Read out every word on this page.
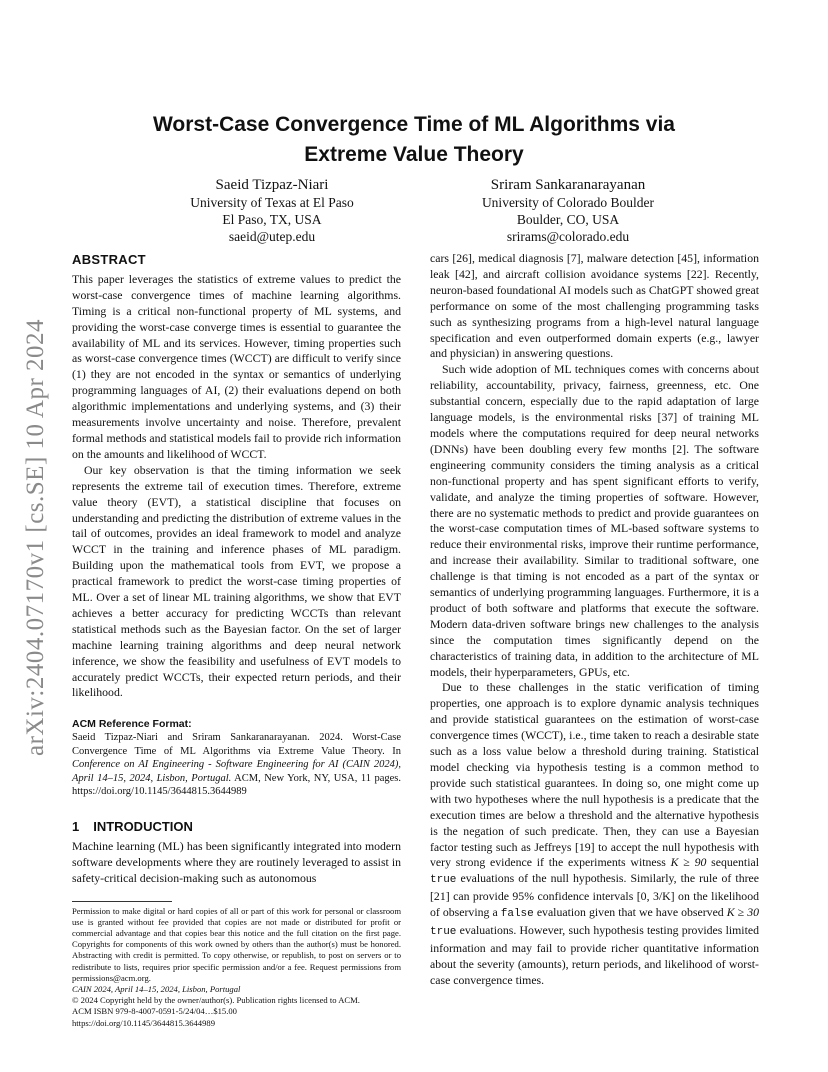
arXiv:2404.07170v1 [cs.SE] 10 Apr 2024
Worst-Case Convergence Time of ML Algorithms via
Extreme Value Theory
Saeid Tizpaz-Niari
University of Texas at El Paso
El Paso, TX, USA
saeid@utep.edu
Sriram Sankaranarayanan
University of Colorado Boulder
Boulder, CO, USA
srirams@colorado.edu
ABSTRACT

This paper leverages the statistics of extreme values to predict the worst-case convergence times of machine learning algorithms. Timing is a critical non-functional property of ML systems, and providing the worst-case converge times is essential to guarantee the availability of ML and its services. However, timing properties such as worst-case convergence times (WCCT) are difficult to verify since (1) they are not encoded in the syntax or semantics of underlying programming languages of AI, (2) their evaluations depend on both algorithmic implementations and underlying systems, and (3) their measurements involve uncertainty and noise. Therefore, prevalent formal methods and statistical models fail to provide rich information on the amounts and likelihood of WCCT.

Our key observation is that the timing information we seek represents the extreme tail of execution times. Therefore, extreme value theory (EVT), a statistical discipline that focuses on understanding and predicting the distribution of extreme values in the tail of outcomes, provides an ideal framework to model and analyze WCCT in the training and inference phases of ML paradigm. Building upon the mathematical tools from EVT, we propose a practical framework to predict the worst-case timing properties of ML. Over a set of linear ML training algorithms, we show that EVT achieves a better accuracy for predicting WCCTs than relevant statistical methods such as the Bayesian factor. On the set of larger machine learning training algorithms and deep neural network inference, we show the feasibility and usefulness of EVT models to accurately predict WCCTs, their expected return periods, and their likelihood.

ACM Reference Format:
Saeid Tizpaz-Niari and Sriram Sankaranarayanan. 2024. Worst-Case Convergence Time of ML Algorithms via Extreme Value Theory. In Conference on AI Engineering - Software Engineering for AI (CAIN 2024), April 14–15, 2024, Lisbon, Portugal. ACM, New York, NY, USA, 11 pages. https://doi.org/10.1145/3644815.3644989
1 INTRODUCTION

Machine learning (ML) has been significantly integrated into modern software developments where they are routinely leveraged to assist in safety-critical decision-making such as autonomous

Permission to make digital or hard copies of all or part of this work for personal or classroom use is granted without fee provided that copies are not made or distributed for profit or commercial advantage and that copies bear this notice and the full citation on the first page. Copyrights for components of this work owned by others than the author(s) must be honored. Abstracting with credit is permitted. To copy otherwise, or republish, to post on servers or to redistribute to lists, requires prior specific permission and/or a fee. Request permissions from permissions@acm.org.
CAIN 2024, April 14–15, 2024, Lisbon, Portugal
© 2024 Copyright held by the owner/author(s). Publication rights licensed to ACM.
ACM ISBN 979-8-4007-0591-5/24/04…$15.00
https://doi.org/10.1145/3644815.3644989

cars [26], medical diagnosis [7], malware detection [45], information leak [42], and aircraft collision avoidance systems [22]. Recently, neuron-based foundational AI models such as ChatGPT showed great performance on some of the most challenging programming tasks such as synthesizing programs from a high-level natural language specification and even outperformed domain experts (e.g., lawyer and physician) in answering questions.

Such wide adoption of ML techniques comes with concerns about reliability, accountability, privacy, fairness, greenness, etc. One substantial concern, especially due to the rapid adaptation of large language models, is the environmental risks [37] of training ML models where the computations required for deep neural networks (DNNs) have been doubling every few months [2]. The software engineering community considers the timing analysis as a critical non-functional property and has spent significant efforts to verify, validate, and analyze the timing properties of software. However, there are no systematic methods to predict and provide guarantees on the worst-case computation times of ML-based software systems to reduce their environmental risks, improve their runtime performance, and increase their availability. Similar to traditional software, one challenge is that timing is not encoded as a part of the syntax or semantics of underlying programming languages. Furthermore, it is a product of both software and platforms that execute the software. Modern data-driven software brings new challenges to the analysis since the computation times significantly depend on the characteristics of training data, in addition to the architecture of ML models, their hyperparameters, GPUs, etc.

Due to these challenges in the static verification of timing properties, one approach is to explore dynamic analysis techniques and provide statistical guarantees on the estimation of worst-case convergence times (WCCT), i.e., time taken to reach a desirable state such as a loss value below a threshold during training. Statistical model checking via hypothesis testing is a common method to provide such statistical guarantees. In doing so, one might come up with two hypotheses where the null hypothesis is a predicate that the execution times are below a threshold and the alternative hypothesis is the negation of such predicate. Then, they can use a Bayesian factor testing such as Jeffreys [19] to accept the null hypothesis with very strong evidence if the experiments witness K ≥ 90 sequential true evaluations of the null hypothesis. Similarly, the rule of three [21] can provide 95% confidence intervals [0, 3/K] on the likelihood of observing a false evaluation given that we have observed K ≥ 30 true evaluations. However, such hypothesis testing provides limited information and may fail to provide richer quantitative information about the severity (amounts), return periods, and likelihood of worst-case convergence times.
